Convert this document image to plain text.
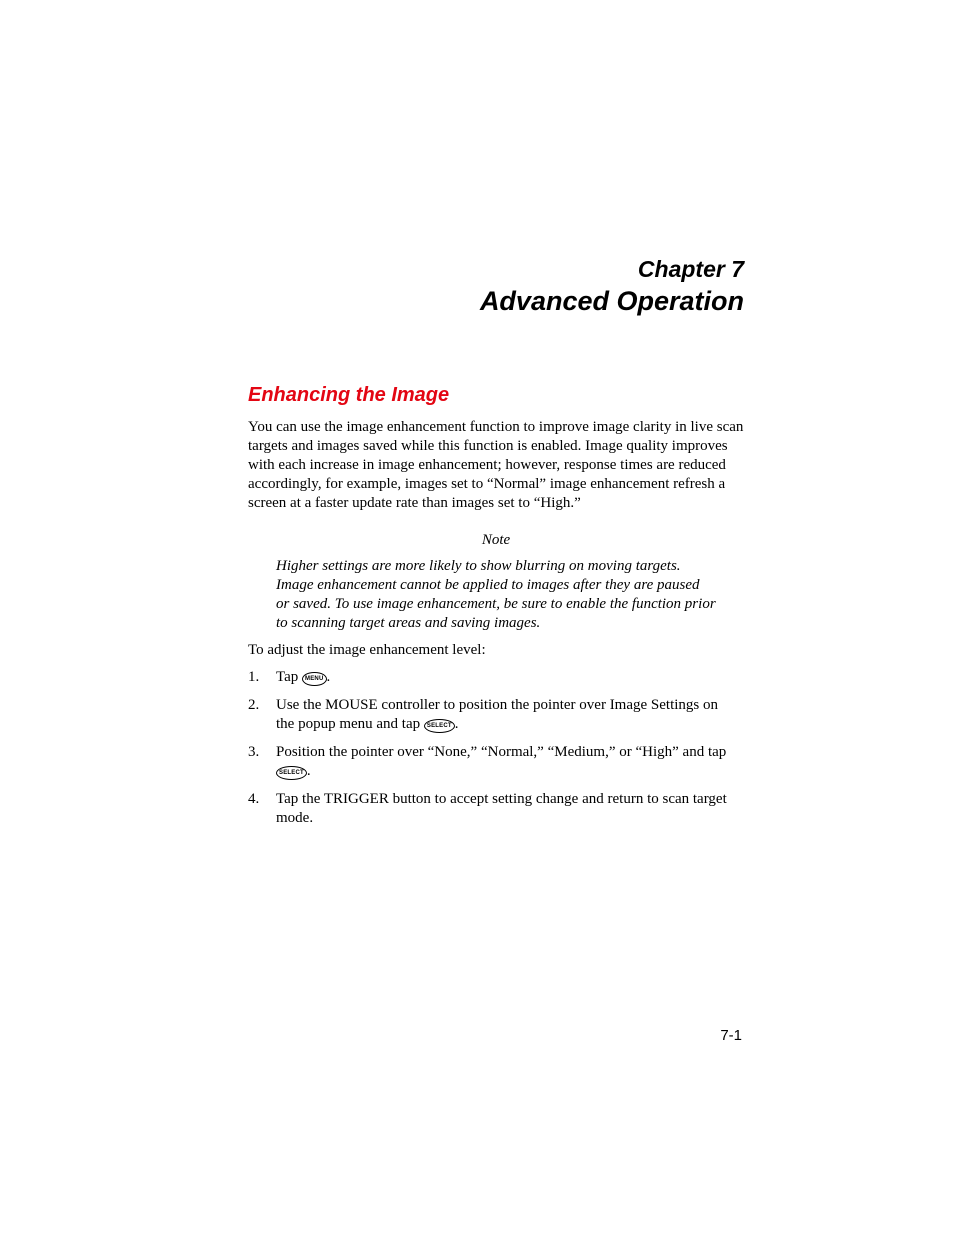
Chapter 7
Advanced Operation
Enhancing the Image
You can use the image enhancement function to improve image clarity in live scan targets and images saved while this function is enabled. Image quality improves with each increase in image enhancement; however, response times are reduced accordingly, for example, images set to “Normal” image enhancement refresh a screen at a faster update rate than images set to “High.”
Note
Higher settings are more likely to show blurring on moving targets. Image enhancement cannot be applied to images after they are paused or saved. To use image enhancement, be sure to enable the function prior to scanning target areas and saving images.
To adjust the image enhancement level:
1. Tap MENU .
2. Use the MOUSE controller to position the pointer over Image Settings on the popup menu and tap SELECT .
3. Position the pointer over “None,” “Normal,” “Medium,” or “High” and tap SELECT .
4. Tap the TRIGGER button to accept setting change and return to scan target mode.
7-1
